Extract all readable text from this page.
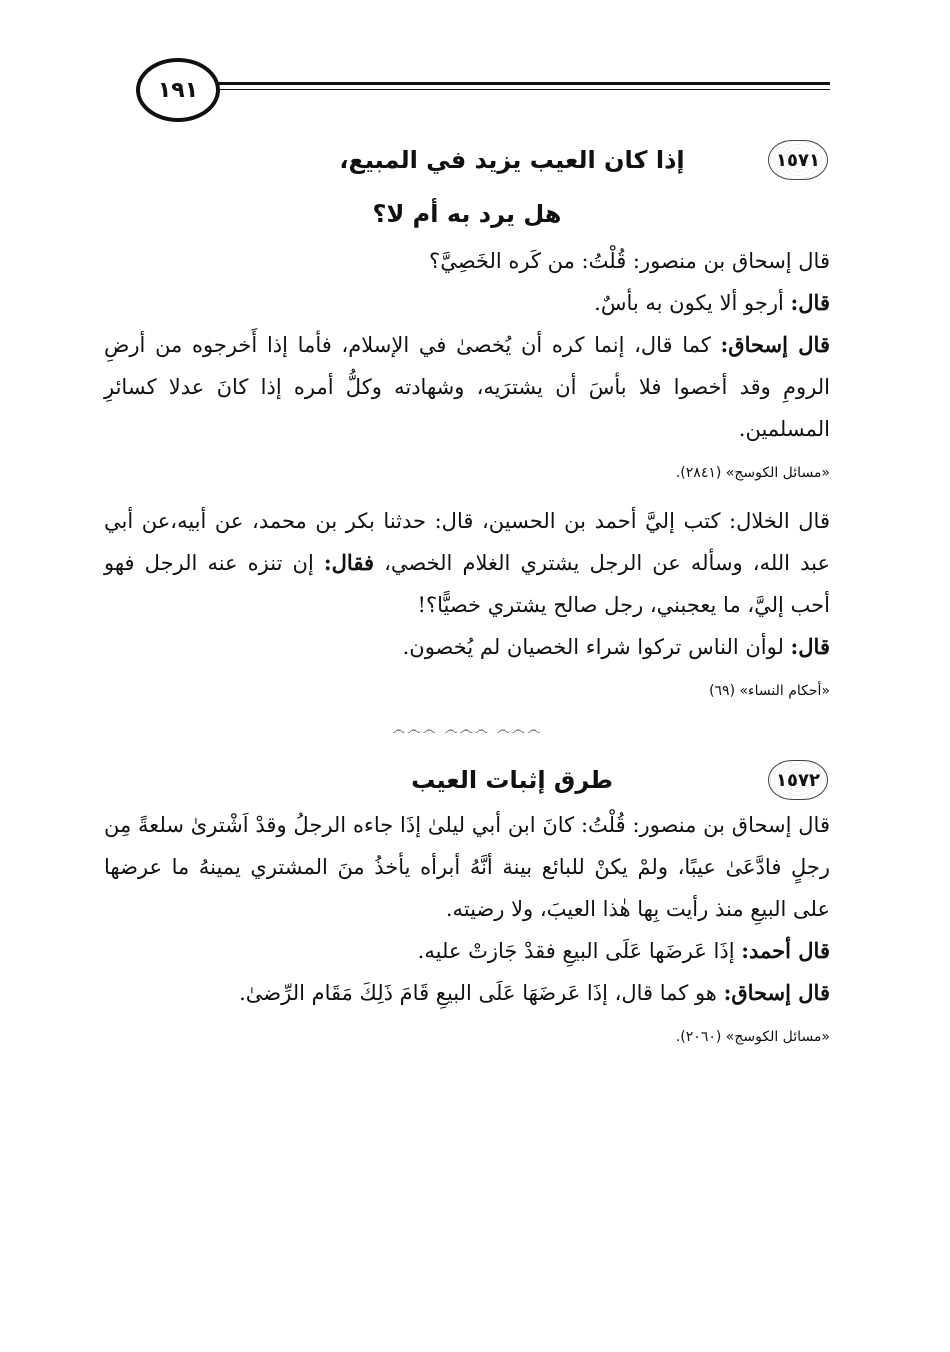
١٩١
١٥٧١
إذا كان العيب يزيد في المبيع،
هل يرد به أم لا؟

قال إسحاق بن منصور: قُلْتُ: من كَره الخَصِيَّ؟

قال: أرجو ألا يكون به بأسٌ.

قال إسحاق: كما قال، إنما كره أن يُخصىٰ في الإسلام، فأما إذا أَخرجوه من أرضِ الرومِ وقد أخصوا فلا بأسَ أن يشترَيه، وشهادته وكلُّ أمره إذا كانَ عدلا كسائرِ المسلمين.

«مسائل الكوسج» (٢٨٤١).

قال الخلال: كتب إليَّ أحمد بن الحسين، قال: حدثنا بكر بن محمد، عن أبيه،عن أبي عبد الله، وسأله عن الرجل يشتري الغلام الخصي، فقال: إن تنزه عنه الرجل فهو أحب إليَّ، ما يعجبني، رجل صالح يشتري خصيًّا؟!

قال: لوأن الناس تركوا شراء الخصيان لم يُخصون.

«أحكام النساء» (٦٩)
෴෴෴ ෴෴෴ ෴෴෴
١٥٧٢
طرق إثبات العيب

قال إسحاق بن منصور: قُلْتُ: كانَ ابن أبي ليلىٰ إذَا جاءه الرجلُ وقدْ اَشْترىٰ سلعةً مِن رجلٍ فادَّعَىٰ عيبًا، ولمْ يكنْ للبائع بينة أنَّهُ أبرأه يأخذُ منَ المشتري يمينهُ ما عرضها على البيعِ منذ رأيت بِها هٰذا العيبَ، ولا رضيته.

قال أحمد: إذَا عَرضَها عَلَى البيعِ فقدْ جَازتْ عليه.

قال إسحاق: هو كما قال، إذَا عَرضَهَا عَلَى البيعِ قَامَ ذَلِكَ مَقَام الرِّضىٰ.

«مسائل الكوسج» (٢٠٦٠).
